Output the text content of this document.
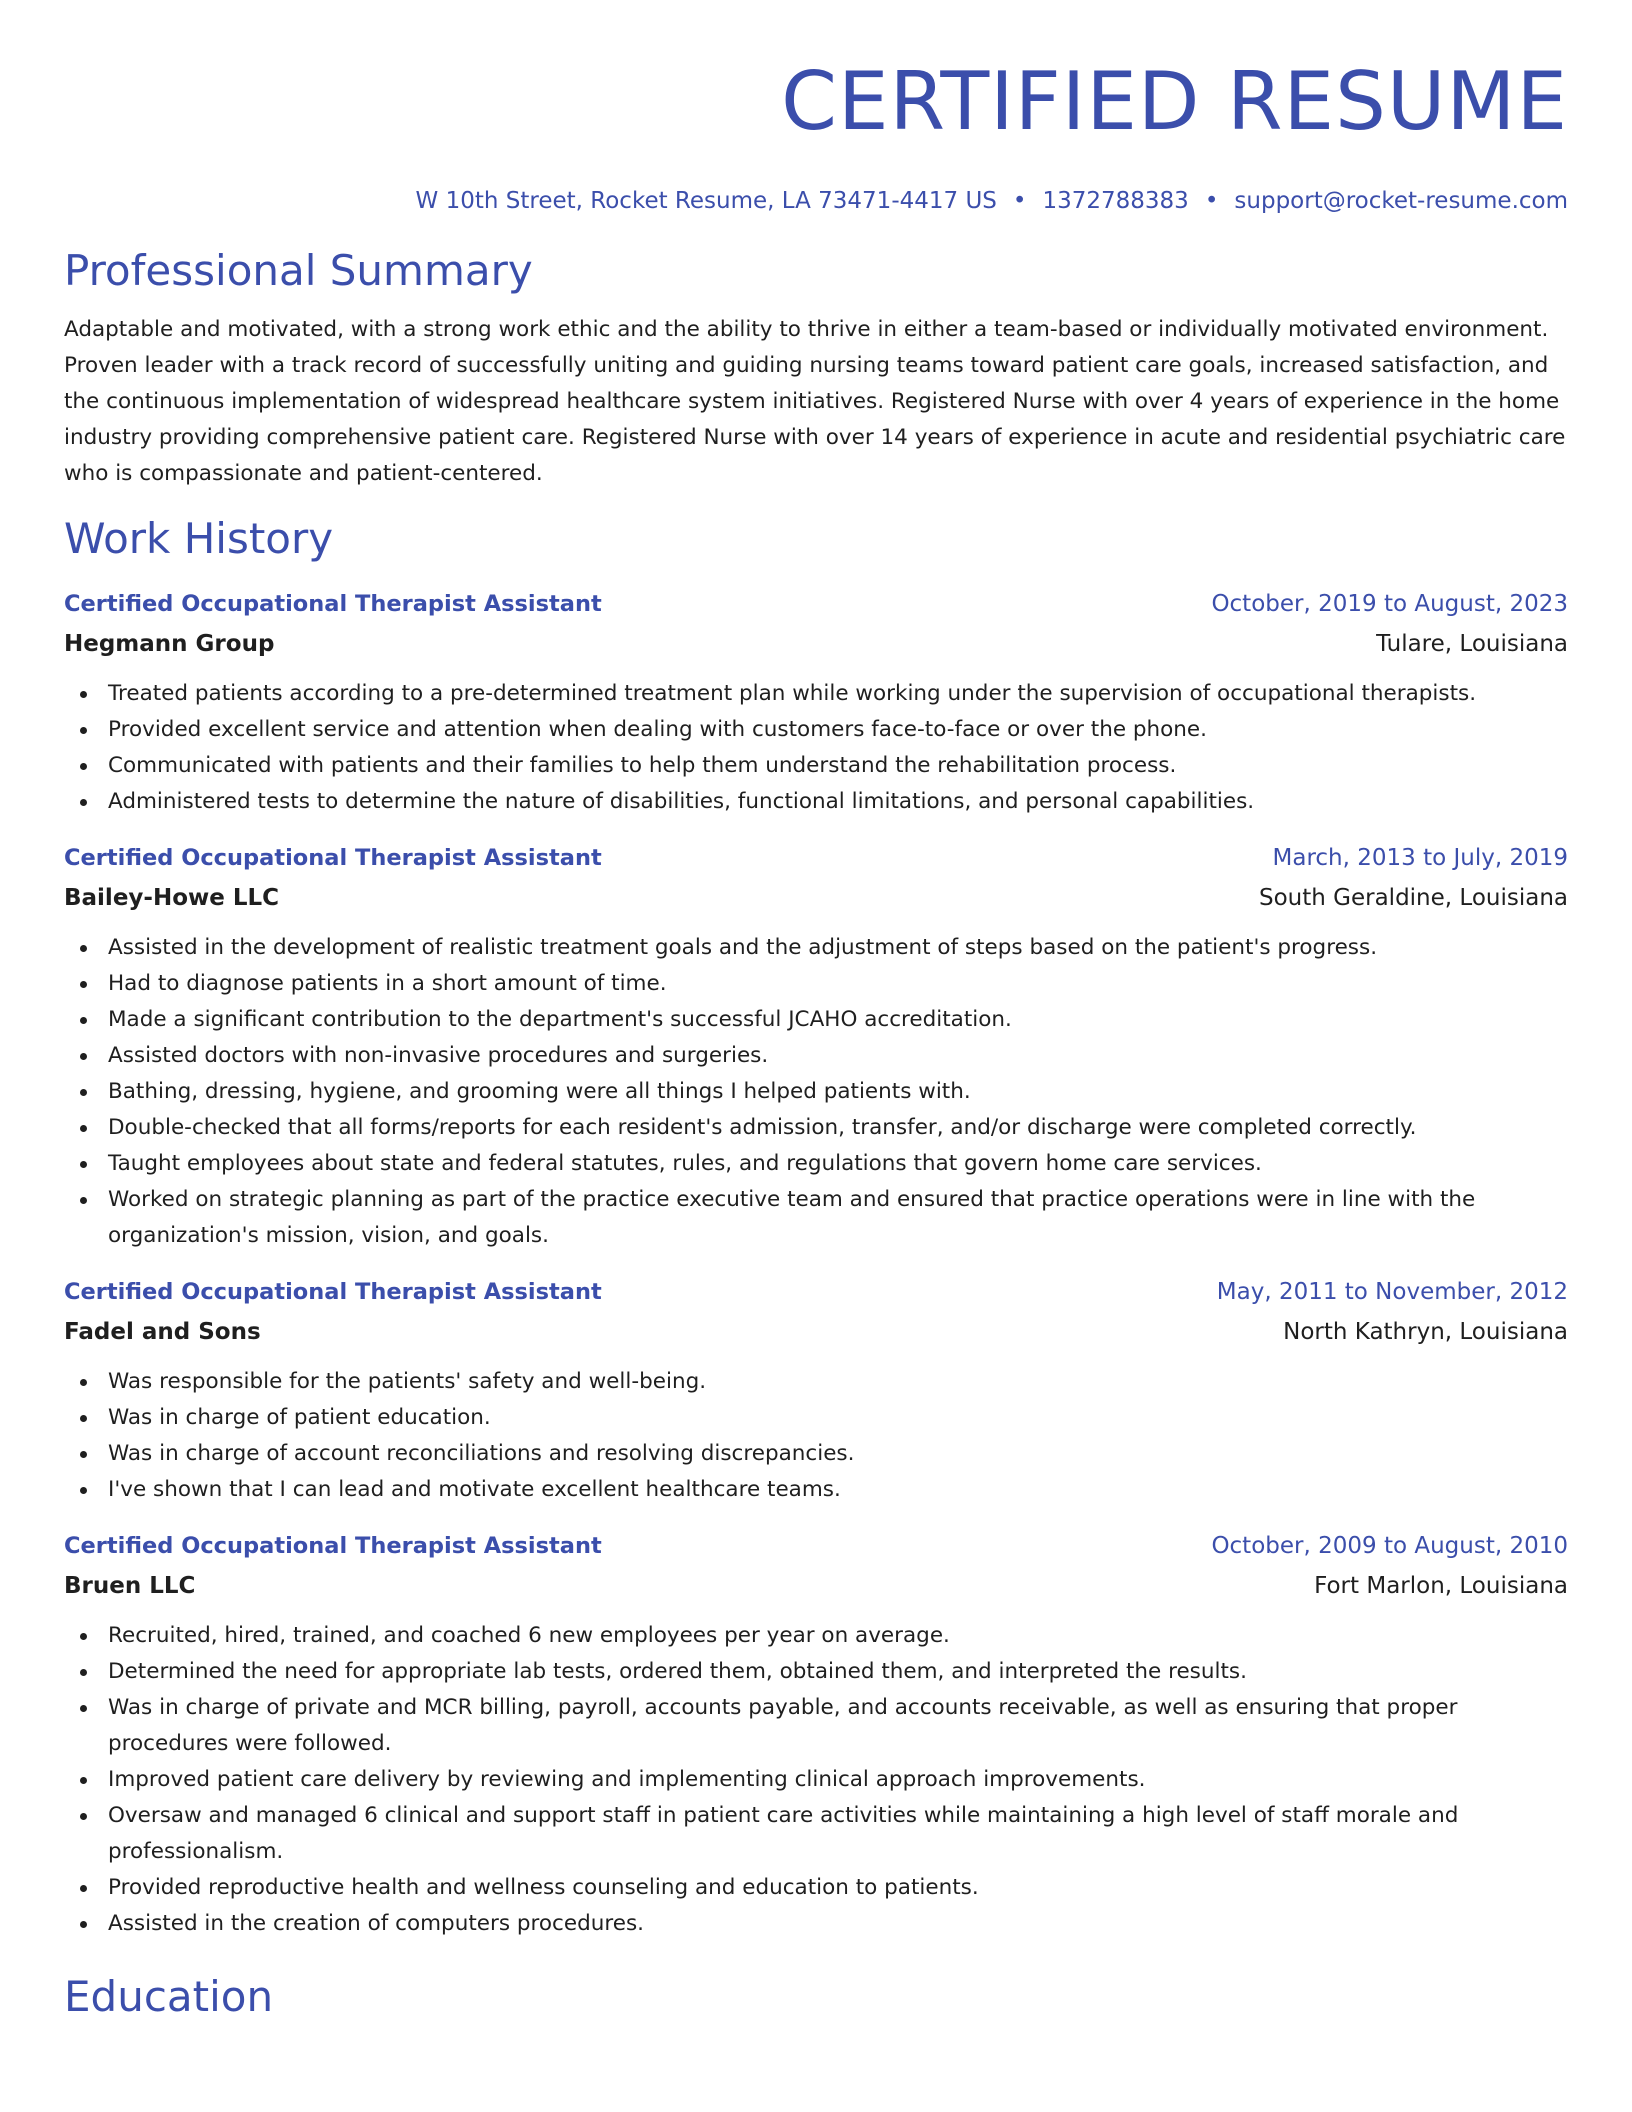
CERTIFIED RESUME
W 10th Street, Rocket Resume, LA 73471-4417 US • 1372788383 • support@rocket-resume.com
Professional Summary

Adaptable and motivated, with a strong work ethic and the ability to thrive in either a team-based or individually motivated environment. Proven leader with a track record of successfully uniting and guiding nursing teams toward patient care goals, increased satisfaction, and the continuous implementation of widespread healthcare system initiatives. Registered Nurse with over 4 years of experience in the home industry providing comprehensive patient care. Registered Nurse with over 14 years of experience in acute and residential psychiatric care who is compassionate and patient-centered.

Work History
Certified Occupational Therapist Assistant	October, 2019 to August, 2023
Hegmann Group	Tulare, Louisiana
Treated patients according to a pre-determined treatment plan while working under the supervision of occupational therapists.
Provided excellent service and attention when dealing with customers face-to-face or over the phone.
Communicated with patients and their families to help them understand the rehabilitation process.
Administered tests to determine the nature of disabilities, functional limitations, and personal capabilities.
Certified Occupational Therapist Assistant	March, 2013 to July, 2019
Bailey-Howe LLC	South Geraldine, Louisiana
Assisted in the development of realistic treatment goals and the adjustment of steps based on the patient's progress.
Had to diagnose patients in a short amount of time.
Made a significant contribution to the department's successful JCAHO accreditation.
Assisted doctors with non-invasive procedures and surgeries.
Bathing, dressing, hygiene, and grooming were all things I helped patients with.
Double-checked that all forms/reports for each resident's admission, transfer, and/or discharge were completed correctly.
Taught employees about state and federal statutes, rules, and regulations that govern home care services.
Worked on strategic planning as part of the practice executive team and ensured that practice operations were in line with the organization's mission, vision, and goals.
Certified Occupational Therapist Assistant	May, 2011 to November, 2012
Fadel and Sons	North Kathryn, Louisiana
Was responsible for the patients' safety and well-being.
Was in charge of patient education.
Was in charge of account reconciliations and resolving discrepancies.
I've shown that I can lead and motivate excellent healthcare teams.
Certified Occupational Therapist Assistant	October, 2009 to August, 2010
Bruen LLC	Fort Marlon, Louisiana
Recruited, hired, trained, and coached 6 new employees per year on average.
Determined the need for appropriate lab tests, ordered them, obtained them, and interpreted the results.
Was in charge of private and MCR billing, payroll, accounts payable, and accounts receivable, as well as ensuring that proper procedures were followed.
Improved patient care delivery by reviewing and implementing clinical approach improvements.
Oversaw and managed 6 clinical and support staff in patient care activities while maintaining a high level of staff morale and professionalism.
Provided reproductive health and wellness counseling and education to patients.
Assisted in the creation of computers procedures.
Education
